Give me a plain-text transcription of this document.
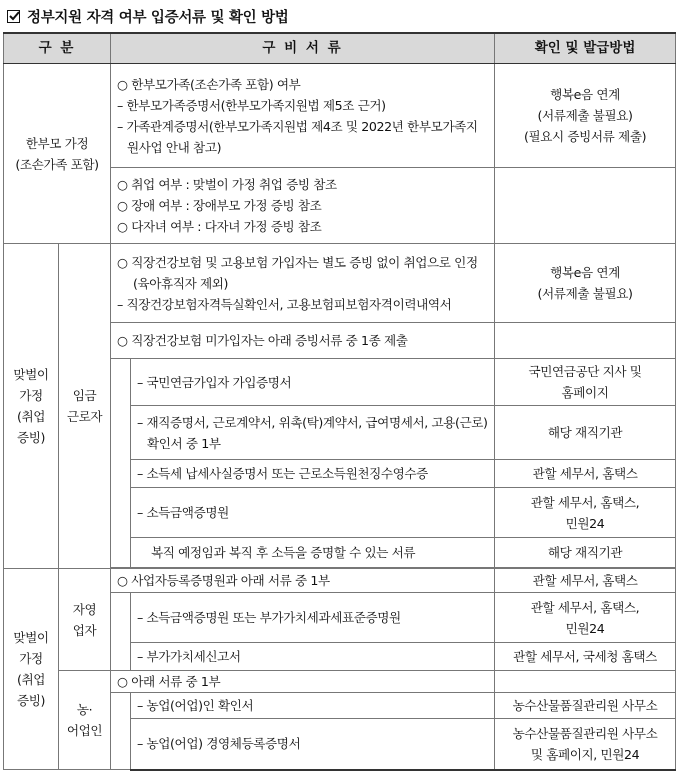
정부지원 자격 여부 입증서류 및 확인 방법
구 분		구 비 서 류		확인 및 발급방법

한부모 가정
(조손가족 포함)		○ 한부모가족(조손가족 포함) 여부
– 한부모가족증명서(한부모가족지원법 제5조 근거)
– 가족관계증명서(한부모가족지원법 제4조 및 2022년 한부모가족지원사업 안내 참고)		행복e음 연계
(서류제출 불필요)
(필요시 증빙서류 제출)

		○ 취업 여부 : 맞벌이 가정 취업 증빙 참조
○ 장애 여부 : 장애부모 가정 증빙 참조
○ 다자녀 여부 : 다자녀 가정 증빙 참조		

맞벌이
가정
(취업
증빙)	임금
근로자	○ 직장건강보험 및 고용보험 가입자는 별도 증빙 없이 취업으로 인정(육아휴직자 제외)
– 직장건강보험자격득실확인서, 고용보험피보험자격이력내역서		행복e음 연계
(서류제출 불필요)

		○ 직장건강보험 미가입자는 아래 증빙서류 중 1종 제출		
			– 국민연금가입자 가입증명서	국민연금공단 지사 및
홈페이지

			– 재직증명서, 근로계약서, 위촉(탁)계약서, 급여명세서, 고용(근로)확인서 중 1부	해당 재직기관
			– 소득세 납세사실증명서 또는 근로소득원천징수영수증	관할 세무서, 홈택스
			– 소득금액증명원	관할 세무서, 홈택스,
민원24

			복직 예정임과 복직 후 소득을 증명할 수 있는 서류	해당 재직기관

맞벌이
가정
(취업
증빙)	자영
업자	○ 사업자등록증명원과 아래 서류 중 1부		관할 세무서, 홈택스
			– 소득금액증명원 또는 부가가치세과세표준증명원	관할 세무서, 홈택스,
민원24

			– 부가가치세신고서	관할 세무서, 국세청 홈택스

	농·
어업인	○ 아래 서류 중 1부		
			– 농업(어업)인 확인서	농수산물품질관리원 사무소
			– 농업(어업) 경영체등록증명서	농수산물품질관리원 사무소
및 홈페이지, 민원24
